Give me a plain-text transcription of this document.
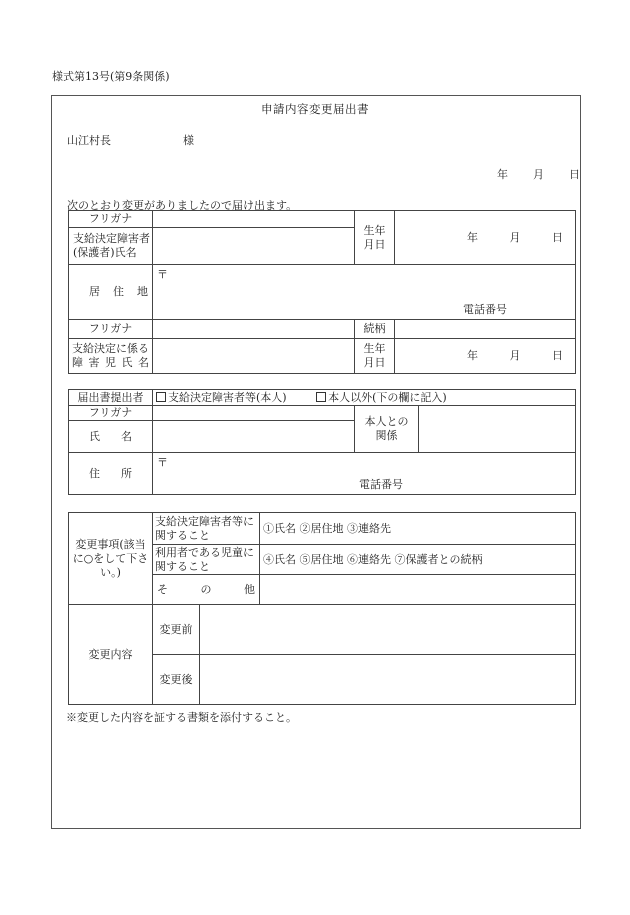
様式第13号(第9条関係)
申請内容変更届出書
山江村長	様
年 月 日
次のとおり変更がありましたので届け出ます。
フリガナ		生年月日	年 月 日
支給決定障害者(保護者)氏名			

居住地	〒
電話番号		

フリガナ		続柄	

支給決定に係る障害児氏名		生年月日	年 月 日
届出書提出者	支給決定障害者等(本人) 本人以外(下の欄に記入)		
フリガナ		本人との関係	

氏名			

住所	〒
電話番号		
変更事項(該当に○をして下さい。)	支給決定障害者等に関すること		①氏名 ②居住地 ③連絡先
	利用者である児童に関すること		④氏名 ⑤居住地 ⑥連絡先 ⑦保護者との続柄

	その他		

変更内容	変更前		
	変更後		
※変更した内容を証する書類を添付すること。
